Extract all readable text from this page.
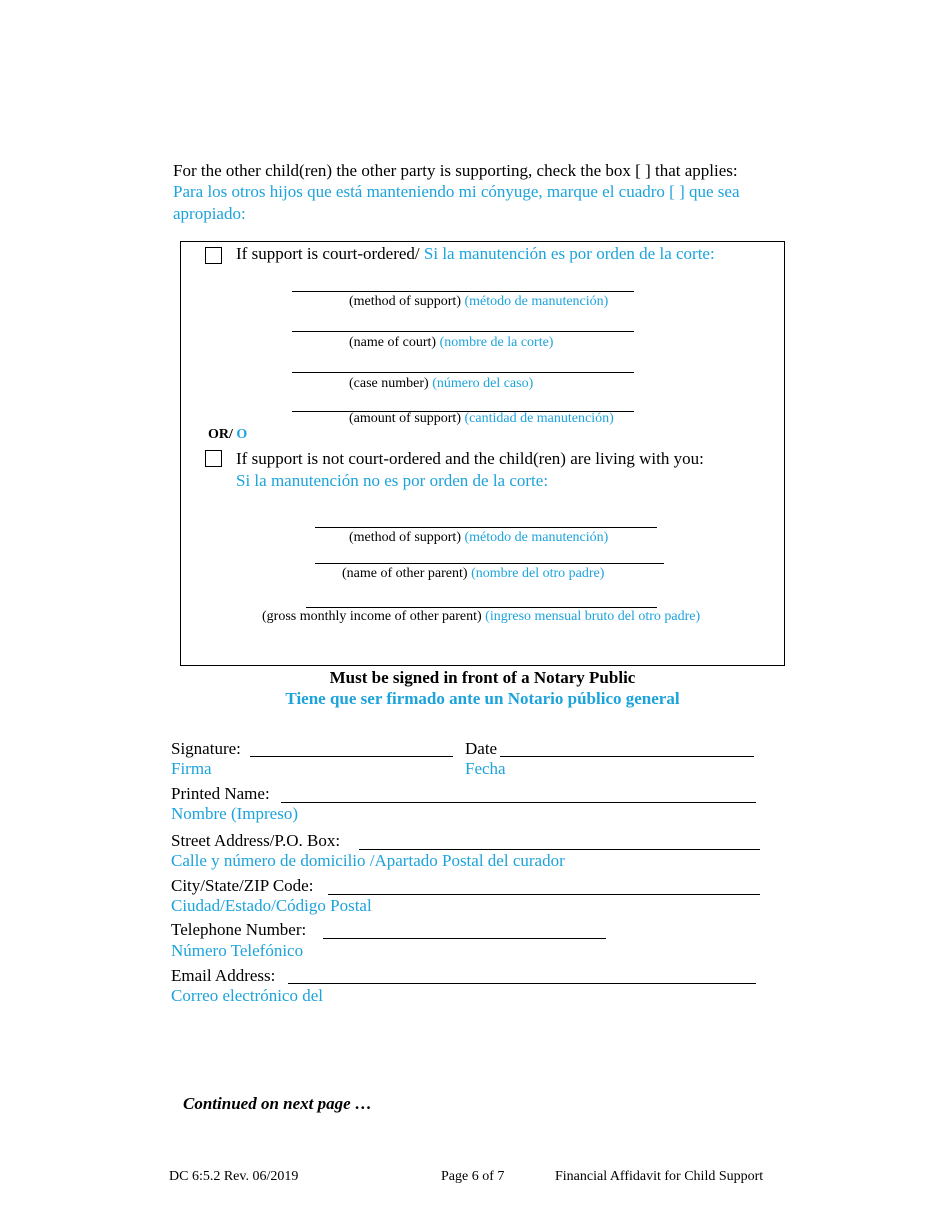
For the other child(ren) the other party is supporting, check the box [ ] that applies:
Para los otros hijos que está manteniendo mi cónyuge, marque el cuadro [ ] que sea
apropiado:
If support is court-ordered/ Si la manutención es por orden de la corte:
(method of support) (método de manutención)
(name of court) (nombre de la corte)
(case number) (número del caso)
(amount of support) (cantidad de manutención)
OR/ O
If support is not court-ordered and the child(ren) are living with you:
Si la manutención no es por orden de la corte:
(method of support) (método de manutención)
(name of other parent) (nombre del otro padre)
(gross monthly income of other parent) (ingreso mensual bruto del otro padre)
Must be signed in front of a Notary Public
Tiene que ser firmado ante un Notario público general
Signature:
Firma
Date
Fecha
Printed Name:
Nombre (Impreso)
Street Address/P.O. Box:
Calle y número de domicilio /Apartado Postal del curador
City/State/ZIP Code:
Ciudad/Estado/Código Postal
Telephone Number:
Número Telefónico
Email Address:
Correo electrónico del
Continued on next page …
DC 6:5.2 Rev. 06/2019	Page 6 of 7	Financial Affidavit for Child Support
